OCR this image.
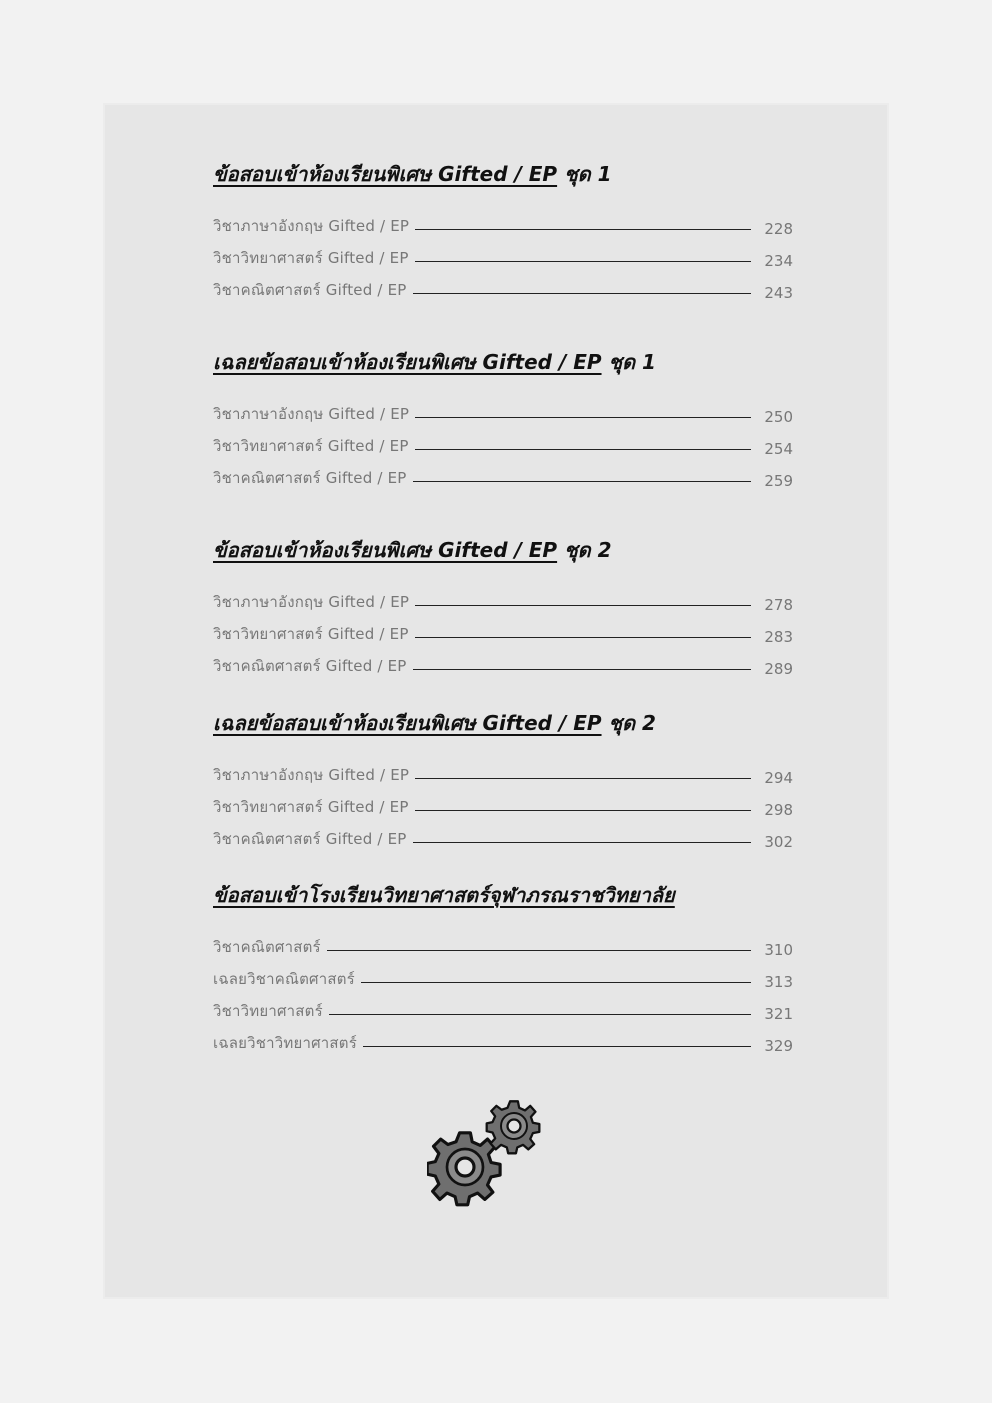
ข้อสอบเข้าห้องเรียนพิเศษ Gifted / EP ชุด 1
วิชาภาษาอังกฤษ Gifted / EP	228
วิชาวิทยาศาสตร์ Gifted / EP	234
วิชาคณิตศาสตร์ Gifted / EP	243
เฉลยข้อสอบเข้าห้องเรียนพิเศษ Gifted / EP ชุด 1
วิชาภาษาอังกฤษ Gifted / EP	250
วิชาวิทยาศาสตร์ Gifted / EP	254
วิชาคณิตศาสตร์ Gifted / EP	259
ข้อสอบเข้าห้องเรียนพิเศษ Gifted / EP ชุด 2
วิชาภาษาอังกฤษ Gifted / EP	278
วิชาวิทยาศาสตร์ Gifted / EP	283
วิชาคณิตศาสตร์ Gifted / EP	289
เฉลยข้อสอบเข้าห้องเรียนพิเศษ Gifted / EP ชุด 2
วิชาภาษาอังกฤษ Gifted / EP	294
วิชาวิทยาศาสตร์ Gifted / EP	298
วิชาคณิตศาสตร์ Gifted / EP	302
ข้อสอบเข้าโรงเรียนวิทยาศาสตร์จุฬาภรณราชวิทยาลัย
วิชาคณิตศาสตร์	310
เฉลยวิชาคณิตศาสตร์	313
วิชาวิทยาศาสตร์	321
เฉลยวิชาวิทยาศาสตร์	329
